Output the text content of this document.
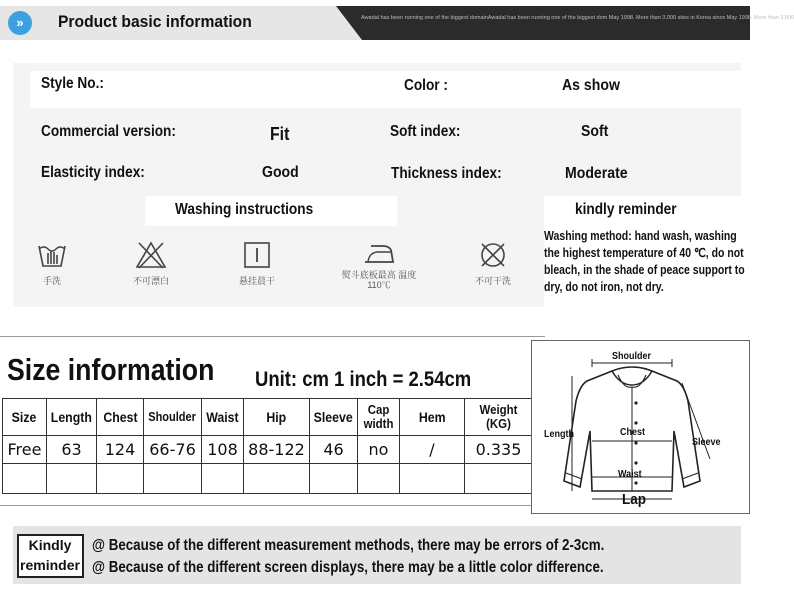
»	Product basic information	Awadal has been running one of the biggest domainAwadal has been running one of the biggest dom May 1998. More than 3,000 sites in Korea since May 1998. More than 3,000
Style No.:	Color :	As show
Commercial version:	Fit	Soft index:	Soft
Elasticity index:	Good	Thickness index:	Moderate
Washing instructions	kindly reminder
Washing method: hand wash, washing the highest temperature of 40 ℃, do not bleach, in the shade of peace support to dry, do not iron, not dry.
手洗	不可漂白	悬挂晨干
熨斗底板最高 温度 110℃	不可干洗
Size information Unit: cm 1 inch = 2.54cm
Size	Length	Chest	Shoulder	Waist	Hip	Sleeve	Cap width	Hem	Weight (KG)
Free	63	124	66-76	108	88-122	46	no	/	0.335

Shoulder
Chest
Length
Sleeve
Waist
Lap
Kindly
reminder
@ Because of the different measurement methods, there may be errors of 2-3cm.
@ Because of the different screen displays, there may be a little color difference.
